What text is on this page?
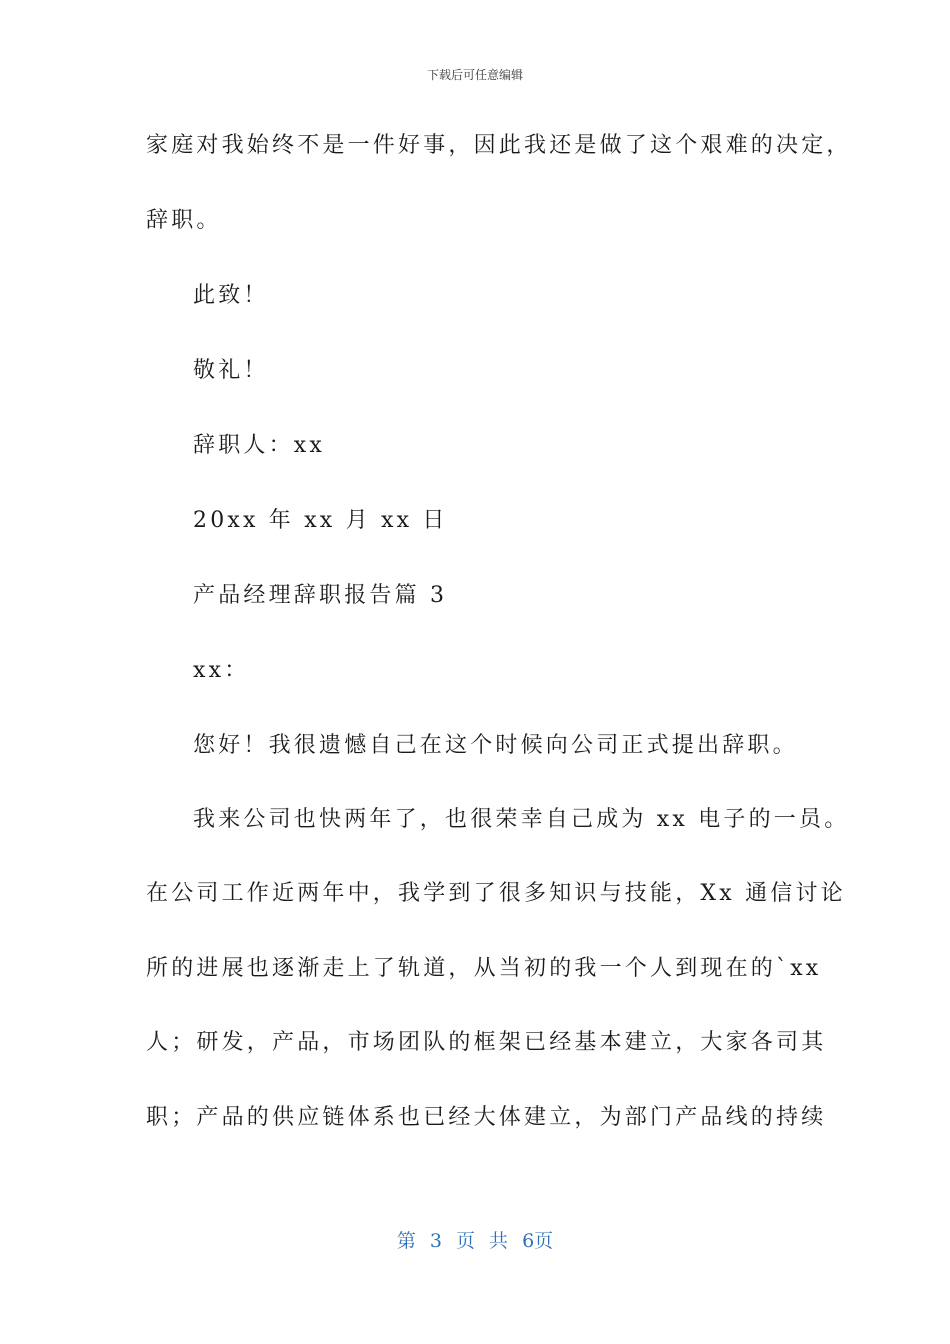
下载后可任意编辑
家庭对我始终不是一件好事，因此我还是做了这个艰难的决定，
辞职。
此致！
敬礼！
辞职人：xx
20xx 年 xx 月 xx 日
产品经理辞职报告篇 3
xx：
您好！我很遗憾自己在这个时候向公司正式提出辞职。
我来公司也快两年了，也很荣幸自己成为 xx 电子的一员。
在公司工作近两年中，我学到了很多知识与技能，Xx 通信讨论
所的进展也逐渐走上了轨道，从当初的我一个人到现在的`xx
人；研发，产品，市场团队的框架已经基本建立，大家各司其
职；产品的供应链体系也已经大体建立，为部门产品线的持续
第 3 页 共 6页
